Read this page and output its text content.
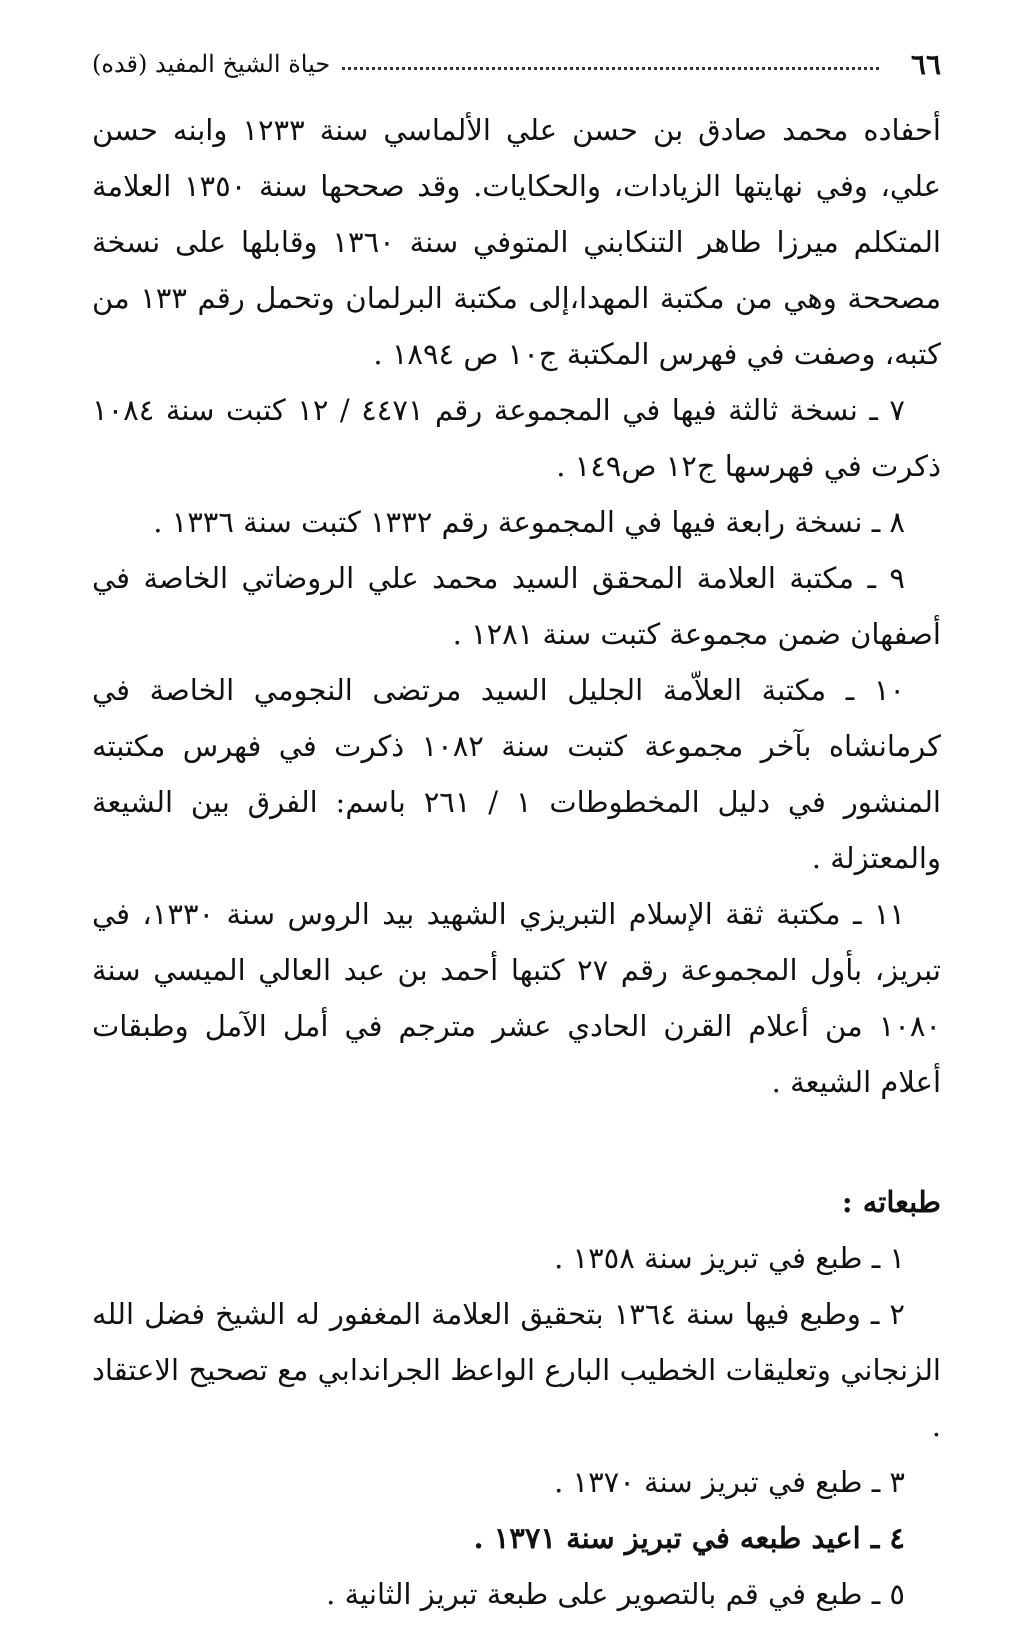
٦٦
حياة الشيخ المفيد (قده)

أحفاده محمد صادق بن حسن علي الألماسي سنة ١٢٣٣ وابنه حسن علي، وفي نهايتها الزيادات، والحكايات. وقد صححها سنة ١٣٥٠ العلامة المتكلم ميرزا طاهر التنكابني المتوفي سنة ١٣٦٠ وقابلها على نسخة مصححة وهي من مكتبة المهدا،إلى مكتبة البرلمان وتحمل رقم ١٣٣ من كتبه، وصفت في فهرس المكتبة ج١٠ ص ١٨٩٤ .

٧ ـ نسخة ثالثة فيها في المجموعة رقم ٤٤٧١ / ١٢ كتبت سنة ١٠٨٤ ذكرت في فهرسها ج١٢ ص١٤٩ .

٨ ـ نسخة رابعة فيها في المجموعة رقم ١٣٣٢ كتبت سنة ١٣٣٦ .

٩ ـ مكتبة العلامة المحقق السيد محمد علي الروضاتي الخاصة في أصفهان ضمن مجموعة كتبت سنة ١٢٨١ .

١٠ ـ مكتبة العلاّمة الجليل السيد مرتضى النجومي الخاصة في كرمانشاه بآخر مجموعة كتبت سنة ١٠٨٢ ذكرت في فهرس مكتبته المنشور في دليل المخطوطات ١ / ٢٦١ باسم: الفرق بين الشيعة والمعتزلة .

١١ ـ مكتبة ثقة الإسلام التبريزي الشهيد بيد الروس سنة ١٣٣٠، في تبريز، بأول المجموعة رقم ٢٧ كتبها أحمد بن عبد العالي الميسي سنة ١٠٨٠ من أعلام القرن الحادي عشر مترجم في أمل الآمل وطبقات أعلام الشيعة .

طبعاته :

١ ـ طبع في تبريز سنة ١٣٥٨ .

٢ ـ وطبع فيها سنة ١٣٦٤ بتحقيق العلامة المغفور له الشيخ فضل الله الزنجاني وتعليقات الخطيب البارع الواعظ الجراندابي مع تصحيح الاعتقاد .

٣ ـ طبع في تبريز سنة ١٣٧٠ .

٤ ـ اعيد طبعه في تبريز سنة ١٣٧١ .

٥ ـ طبع في قم بالتصوير على طبعة تبريز الثانية .
